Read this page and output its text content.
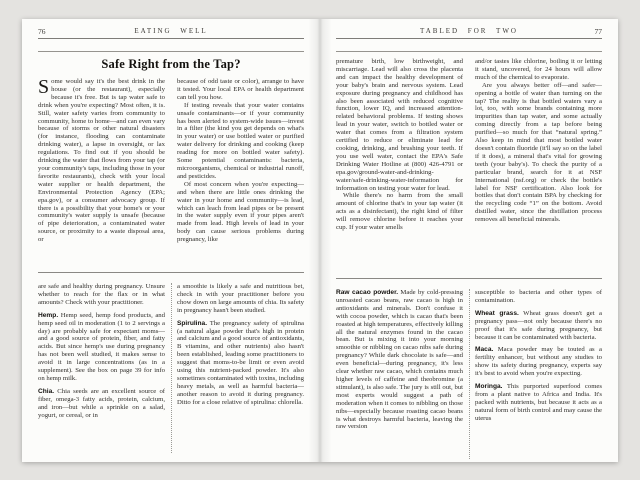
76	EATING WELL
Safe Right from the Tap?

Some would say it's the best drink in the house (or the restaurant), especially because it's free. But is tap water safe to drink when you're expecting? Most often, it is. Still, water safety varies from community to community, home to home—and can even vary because of storms or other natural disasters (for instance, flooding can contaminate drinking water), a lapse in oversight, or lax regulations. To find out if you should be drinking the water that flows from your tap (or your community's taps, including those in your favorite restaurants), check with your local water supplier or health department, the Environmental Protection Agency (EPA; epa.gov), or a consumer advocacy group. If there is a possibility that your home's or your community's water supply is unsafe (because of pipe deterioration, a contaminated water source, or proximity to a waste disposal area, or

because of odd taste or color), arrange to have it tested. Your local EPA or health department can tell you how.

If testing reveals that your water contains unsafe contaminants—or if your community has been alerted to system-wide issues—invest in a filter (the kind you get depends on what's in your water) or use bottled water or purified water delivery for drinking and cooking (keep reading for more on bottled water safety). Some potential contaminants: bacteria, microorganisms, chemical or industrial runoff, and pesticides.

Of most concern when you're expecting—and when there are little ones drinking the water in your home and community—is lead, which can leach from lead pipes or be present in the water supply even if your pipes aren't made from lead. High levels of lead in your body can cause serious problems during pregnancy, like

are safe and healthy during pregnancy. Unsure whether to reach for the flax or in what amounts? Check with your practitioner.

Hemp. Hemp seed, hemp food products, and hemp seed oil in moderation (1 to 2 servings a day) are probably safe for expectant moms—and a good source of protein, fiber, and fatty acids. But since hemp's use during pregnancy has not been well studied, it makes sense to avoid it in large concentrations (as in a supplement). See the box on page 39 for info on hemp milk.

Chia. Chia seeds are an excellent source of fiber, omega-3 fatty acids, protein, calcium, and iron—but while a sprinkle on a salad, yogurt, or cereal, or in

a smoothie is likely a safe and nutritious bet, check in with your practitioner before you chow down on large amounts of chia. Its safety in pregnancy hasn't been studied.

Spirulina. The pregnancy safety of spirulina (a natural algae powder that's high in protein and calcium and a good source of antioxidants, B vitamins, and other nutrients) also hasn't been established, leading some practitioners to suggest that moms-to-be limit or even avoid using this nutrient-packed powder. It's also sometimes contaminated with toxins, including heavy metals, as well as harmful bacteria—another reason to avoid it during pregnancy. Ditto for a close relative of spirulina: chlorella.

TABLED FOR TWO	77

premature birth, low birthweight, and miscarriage. Lead will also cross the placenta and can impact the healthy development of your baby's brain and nervous system. Lead exposure during pregnancy and childhood has also been associated with reduced cognitive function, lower IQ, and increased attention-related behavioral problems. If testing shows lead in your water, switch to bottled water or water that comes from a filtration system certified to reduce or eliminate lead for cooking, drinking, and brushing your teeth. If you use well water, contact the EPA's Safe Drinking Water Hotline at (800) 426-4791 or epa.gov/ground-water-and-drinking-water/safe-drinking-water-information for information on testing your water for lead.

While there's no harm from the small amount of chlorine that's in your tap water (it acts as a disinfectant), the right kind of filter will remove chlorine before it reaches your cup. If your water smells

and/or tastes like chlorine, boiling it or letting it stand, uncovered, for 24 hours will allow much of the chemical to evaporate.

Are you always better off—and safer—opening a bottle of water than turning on the tap? The reality is that bottled waters vary a lot, too, with some brands containing more impurities than tap water, and some actually coming directly from a tap before being purified—so much for that “natural spring.” Also keep in mind that most bottled water doesn't contain fluoride (it'll say so on the label if it does), a mineral that's vital for growing teeth (your baby's). To check the purity of a particular brand, search for it at NSF International (nsf.org) or check the bottle's label for NSF certification. Also look for bottles that don't contain BPA by checking for the recycling code “1” on the bottom. Avoid distilled water, since the distillation process removes all beneficial minerals.

Raw cacao powder. Made by cold-pressing unroasted cacao beans, raw cacao is high in antioxidants and minerals. Don't confuse it with cocoa powder, which is cacao that's been roasted at high temperatures, effectively killing all the natural enzymes found in the cacao bean. But is mixing it into your morning smoothie or nibbling on cacao nibs safe during pregnancy? While dark chocolate is safe—and even beneficial—during pregnancy, it's less clear whether raw cacao, which contains much higher levels of caffeine and theobromine (a stimulant), is also safe. The jury is still out, but most experts would suggest a path of moderation when it comes to nibbling on those nibs—especially because roasting cacao beans is what destroys harmful bacteria, leaving the raw version

susceptible to bacteria and other types of contamination.

Wheat grass. Wheat grass doesn't get a pregnancy pass—not only because there's no proof that it's safe during pregnancy, but because it can be contaminated with bacteria.

Maca. Maca powder may be touted as a fertility enhancer, but without any studies to show its safety during pregnancy, experts say it's best to avoid when you're expecting.

Moringa. This purported superfood comes from a plant native to Africa and India. It's packed with nutrients, but because it acts as a natural form of birth control and may cause the uterus
